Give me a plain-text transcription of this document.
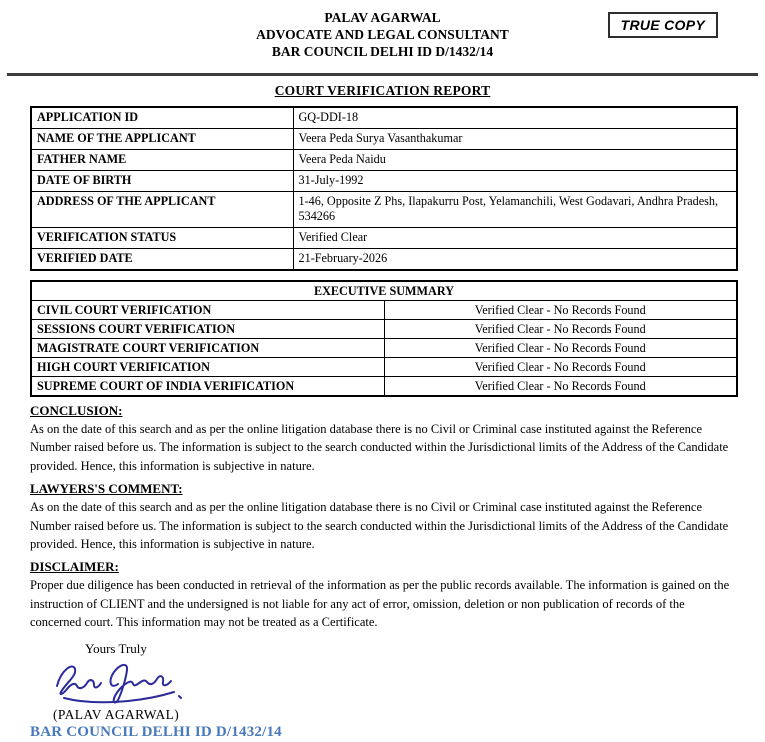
PALAV AGARWAL
ADVOCATE AND LEGAL CONSULTANT
BAR COUNCIL DELHI ID D/1432/14
TRUE COPY
COURT VERIFICATION REPORT
APPLICATION ID	GQ-DDI-18
NAME OF THE APPLICANT	Veera Peda Surya Vasanthakumar
FATHER NAME	Veera Peda Naidu
DATE OF BIRTH	31-July-1992
ADDRESS OF THE APPLICANT	1-46, Opposite Z Phs, Ilapakurru Post, Yelamanchili, West Godavari, Andhra Pradesh, 534266
VERIFICATION STATUS	Verified Clear
VERIFIED DATE	21-February-2026
EXECUTIVE SUMMARY	
CIVIL COURT VERIFICATION	Verified Clear - No Records Found
SESSIONS COURT VERIFICATION	Verified Clear - No Records Found
MAGISTRATE COURT VERIFICATION	Verified Clear - No Records Found
HIGH COURT VERIFICATION	Verified Clear - No Records Found
SUPREME COURT OF INDIA VERIFICATION	Verified Clear - No Records Found
CONCLUSION:

As on the date of this search and as per the online litigation database there is no Civil or Criminal case instituted against the Reference Number raised before us. The information is subject to the search conducted within the Jurisdictional limits of the Address of the Candidate provided. Hence, this information is subjective in nature.

LAWYERS'S COMMENT:

As on the date of this search and as per the online litigation database there is no Civil or Criminal case instituted against the Reference Number raised before us. The information is subject to the search conducted within the Jurisdictional limits of the Address of the Candidate provided. Hence, this information is subjective in nature.

DISCLAIMER:

Proper due diligence has been conducted in retrieval of the information as per the public records available. The information is gained on the instruction of CLIENT and the undersigned is not liable for any act of error, omission, deletion or non publication of records of the concerned court. This information may not be treated as a Certificate.

Yours Truly
(PALAV AGARWAL)
BAR COUNCIL DELHI ID D/1432/14
